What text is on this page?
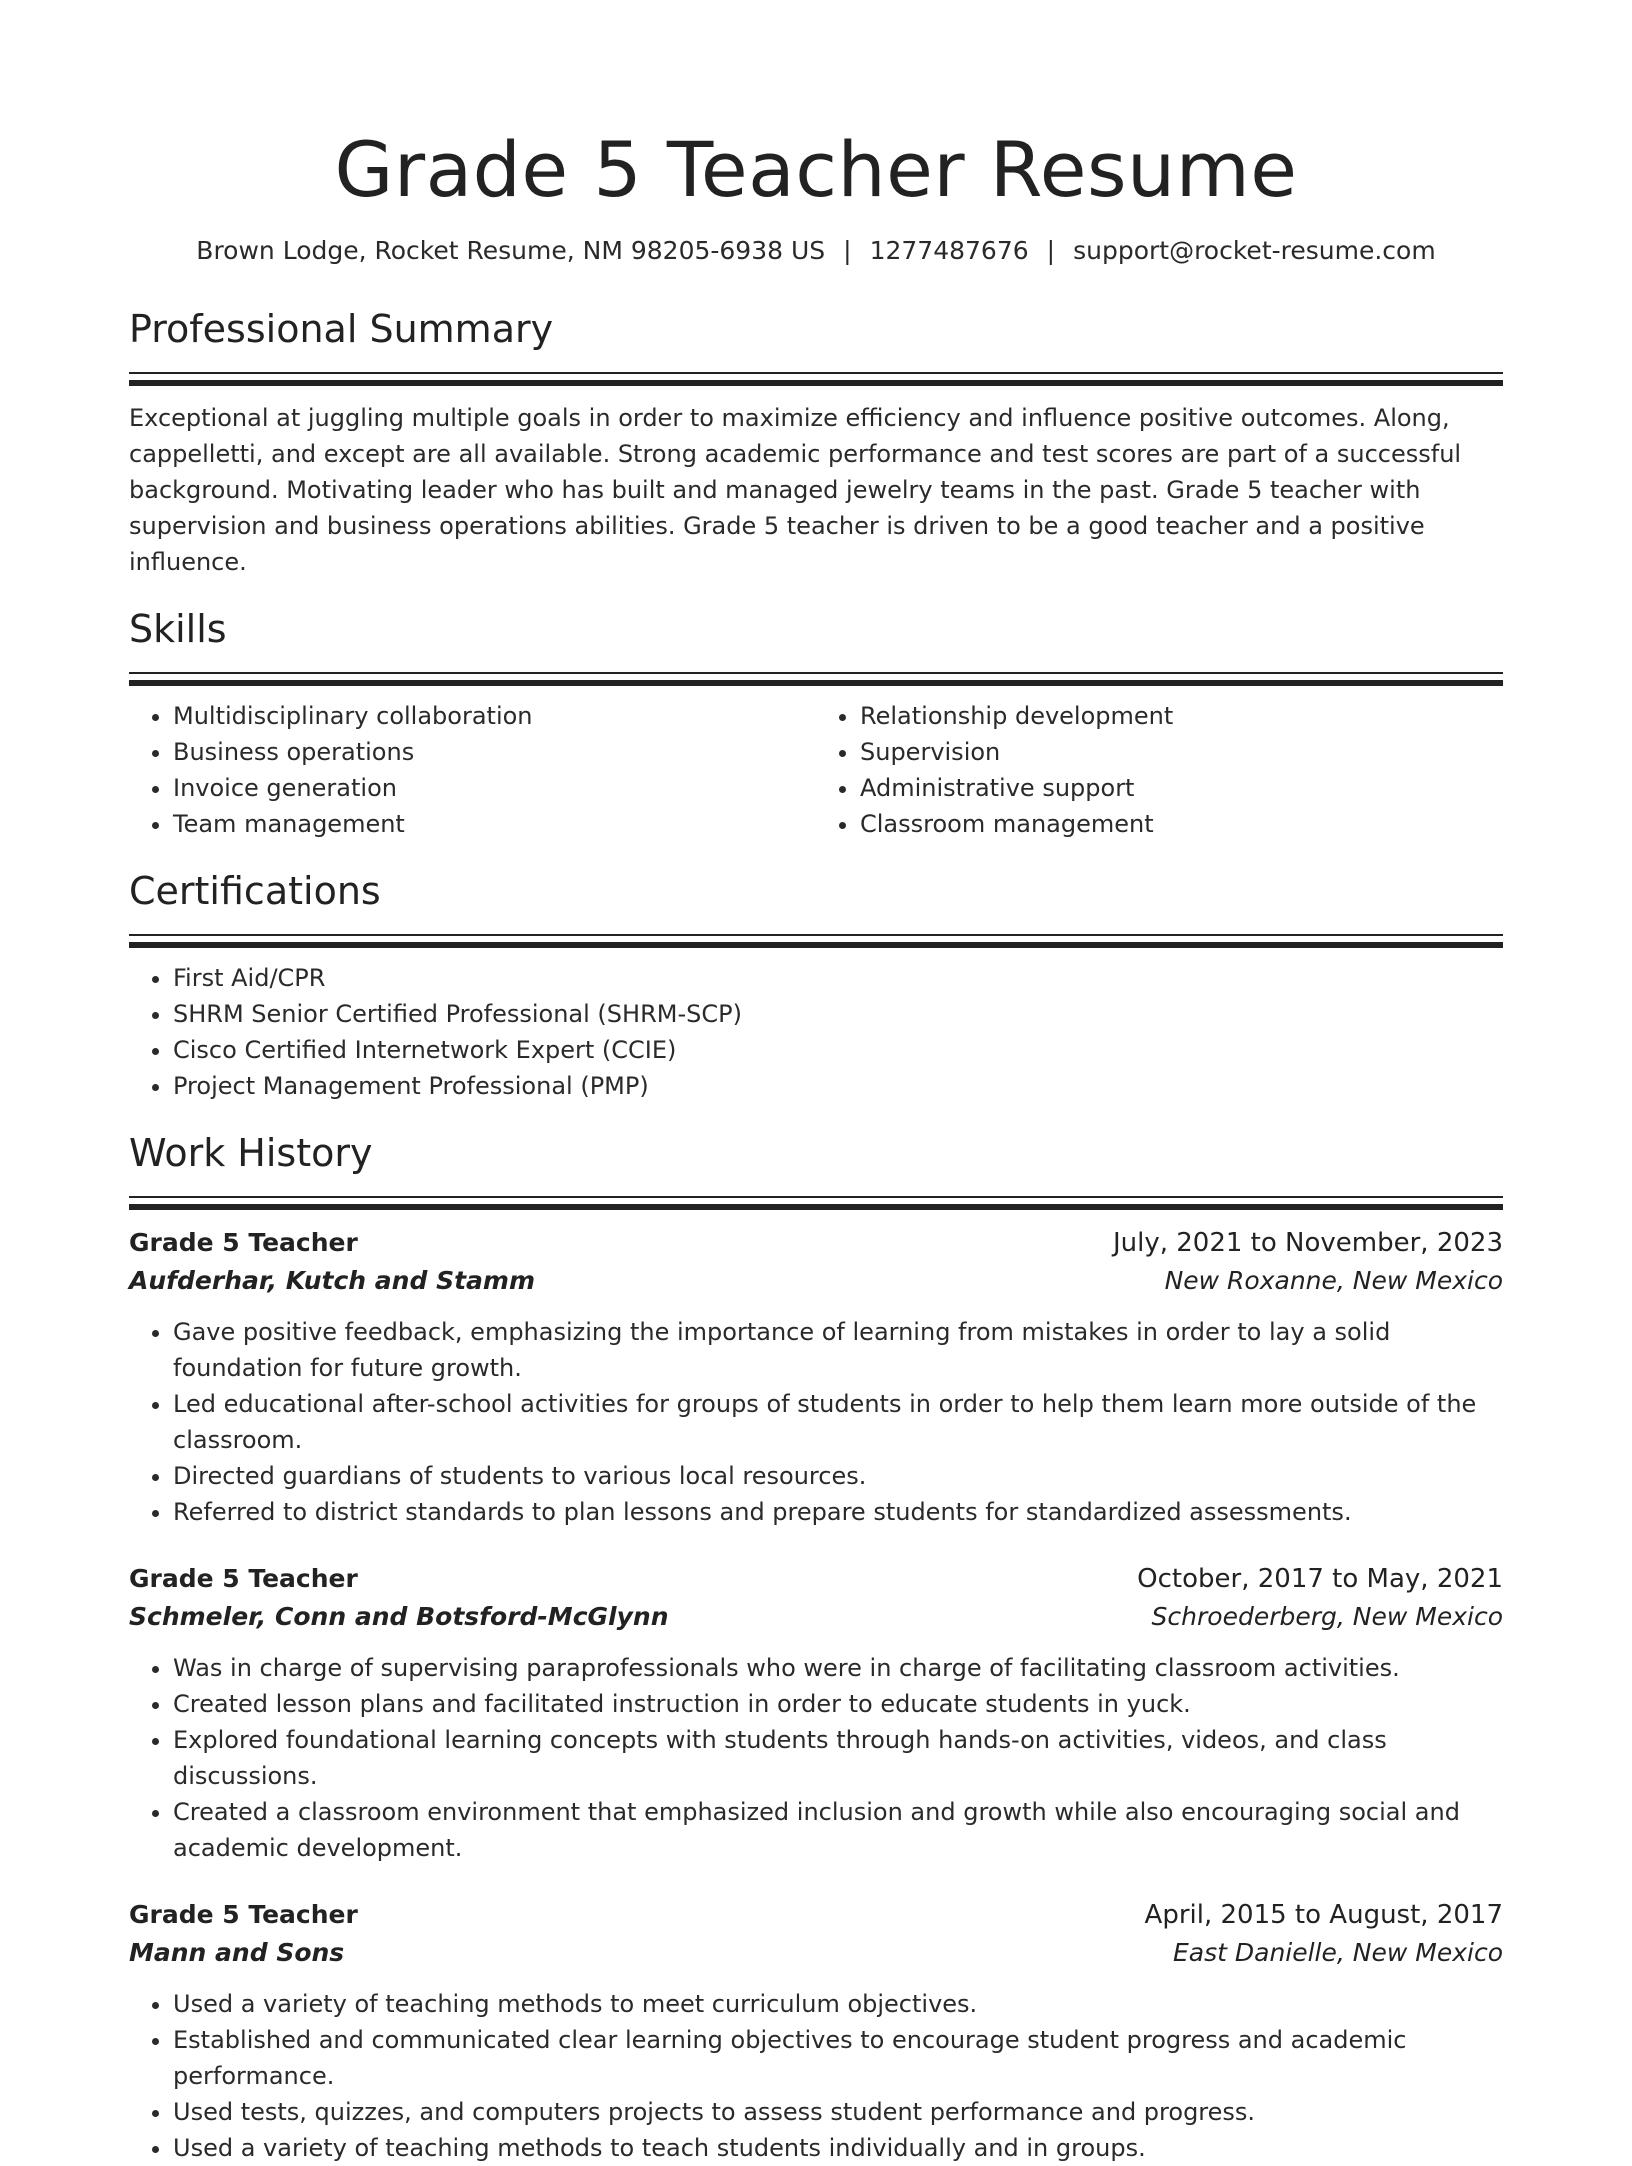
Grade 5 Teacher Resume
Brown Lodge, Rocket Resume, NM 98205-6938 US | 1277487676 | support@rocket-resume.com
Professional Summary
Exceptional at juggling multiple goals in order to maximize efficiency and influence positive outcomes. Along, cappelletti, and except are all available. Strong academic performance and test scores are part of a successful background. Motivating leader who has built and managed jewelry teams in the past. Grade 5 teacher with supervision and business operations abilities. Grade 5 teacher is driven to be a good teacher and a positive influence.
Skills
• Multidisciplinary collaboration
• Business operations
• Invoice generation
• Team management
• Relationship development
• Supervision
• Administrative support
• Classroom management
Certifications
• First Aid/CPR
• SHRM Senior Certified Professional (SHRM-SCP)
• Cisco Certified Internetwork Expert (CCIE)
• Project Management Professional (PMP)
Work History
Grade 5 Teacher	July, 2021 to November, 2023
Aufderhar, Kutch and Stamm	New Roxanne, New Mexico
• Gave positive feedback, emphasizing the importance of learning from mistakes in order to lay a solid foundation for future growth.
• Led educational after-school activities for groups of students in order to help them learn more outside of the classroom.
• Directed guardians of students to various local resources.
• Referred to district standards to plan lessons and prepare students for standardized assessments.
Grade 5 Teacher	October, 2017 to May, 2021
Schmeler, Conn and Botsford-McGlynn	Schroederberg, New Mexico
• Was in charge of supervising paraprofessionals who were in charge of facilitating classroom activities.
• Created lesson plans and facilitated instruction in order to educate students in yuck.
• Explored foundational learning concepts with students through hands-on activities, videos, and class discussions.
• Created a classroom environment that emphasized inclusion and growth while also encouraging social and academic development.
Grade 5 Teacher	April, 2015 to August, 2017
Mann and Sons	East Danielle, New Mexico
• Used a variety of teaching methods to meet curriculum objectives.
• Established and communicated clear learning objectives to encourage student progress and academic performance.
• Used tests, quizzes, and computers projects to assess student performance and progress.
• Used a variety of teaching methods to teach students individually and in groups.
